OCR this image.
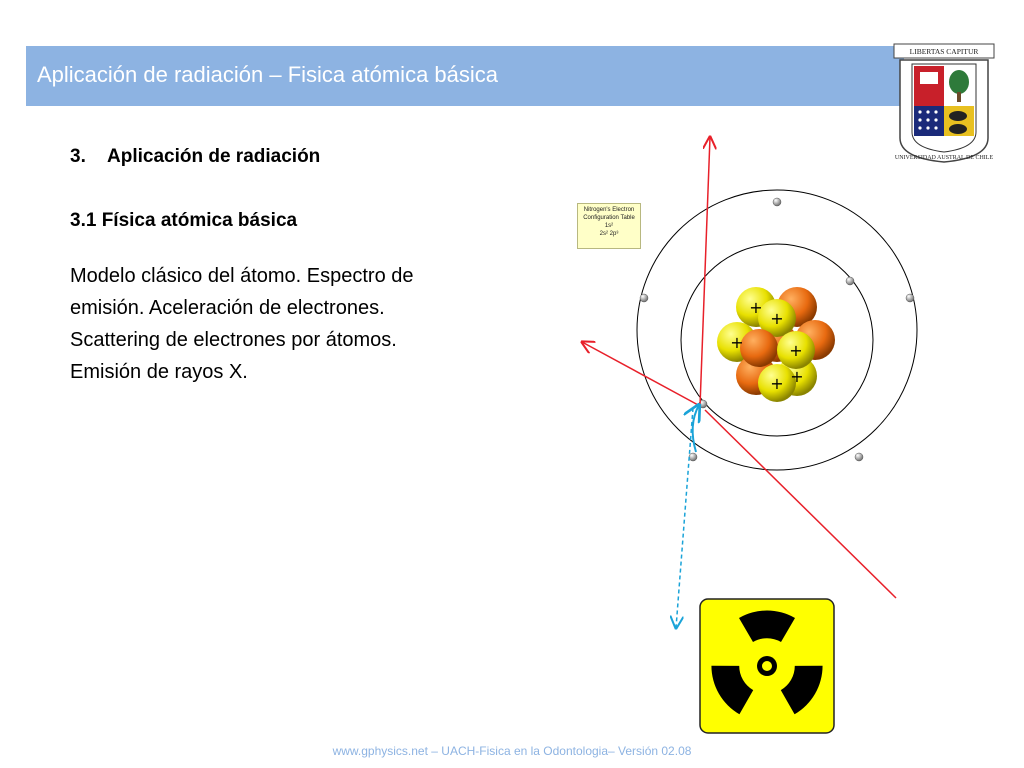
Aplicación de radiación – Fisica atómica básica
LIBERTAS CAPITUR
UNIVERSIDAD AUSTRAL DE CHILE
3. Aplicación de radiación
3.1 Física atómica básica

Modelo clásico del átomo. Espectro de

emisión. Aceleración de electrones.

Scattering de electrones por átomos.

Emisión de rayos X.

Nitrogen's Electron
Configuration Table
1s²
2s² 2p³
+
+
+	+
+ +
www.gphysics.net – UACH-Fisica en la Odontologia– Versión 02.08
